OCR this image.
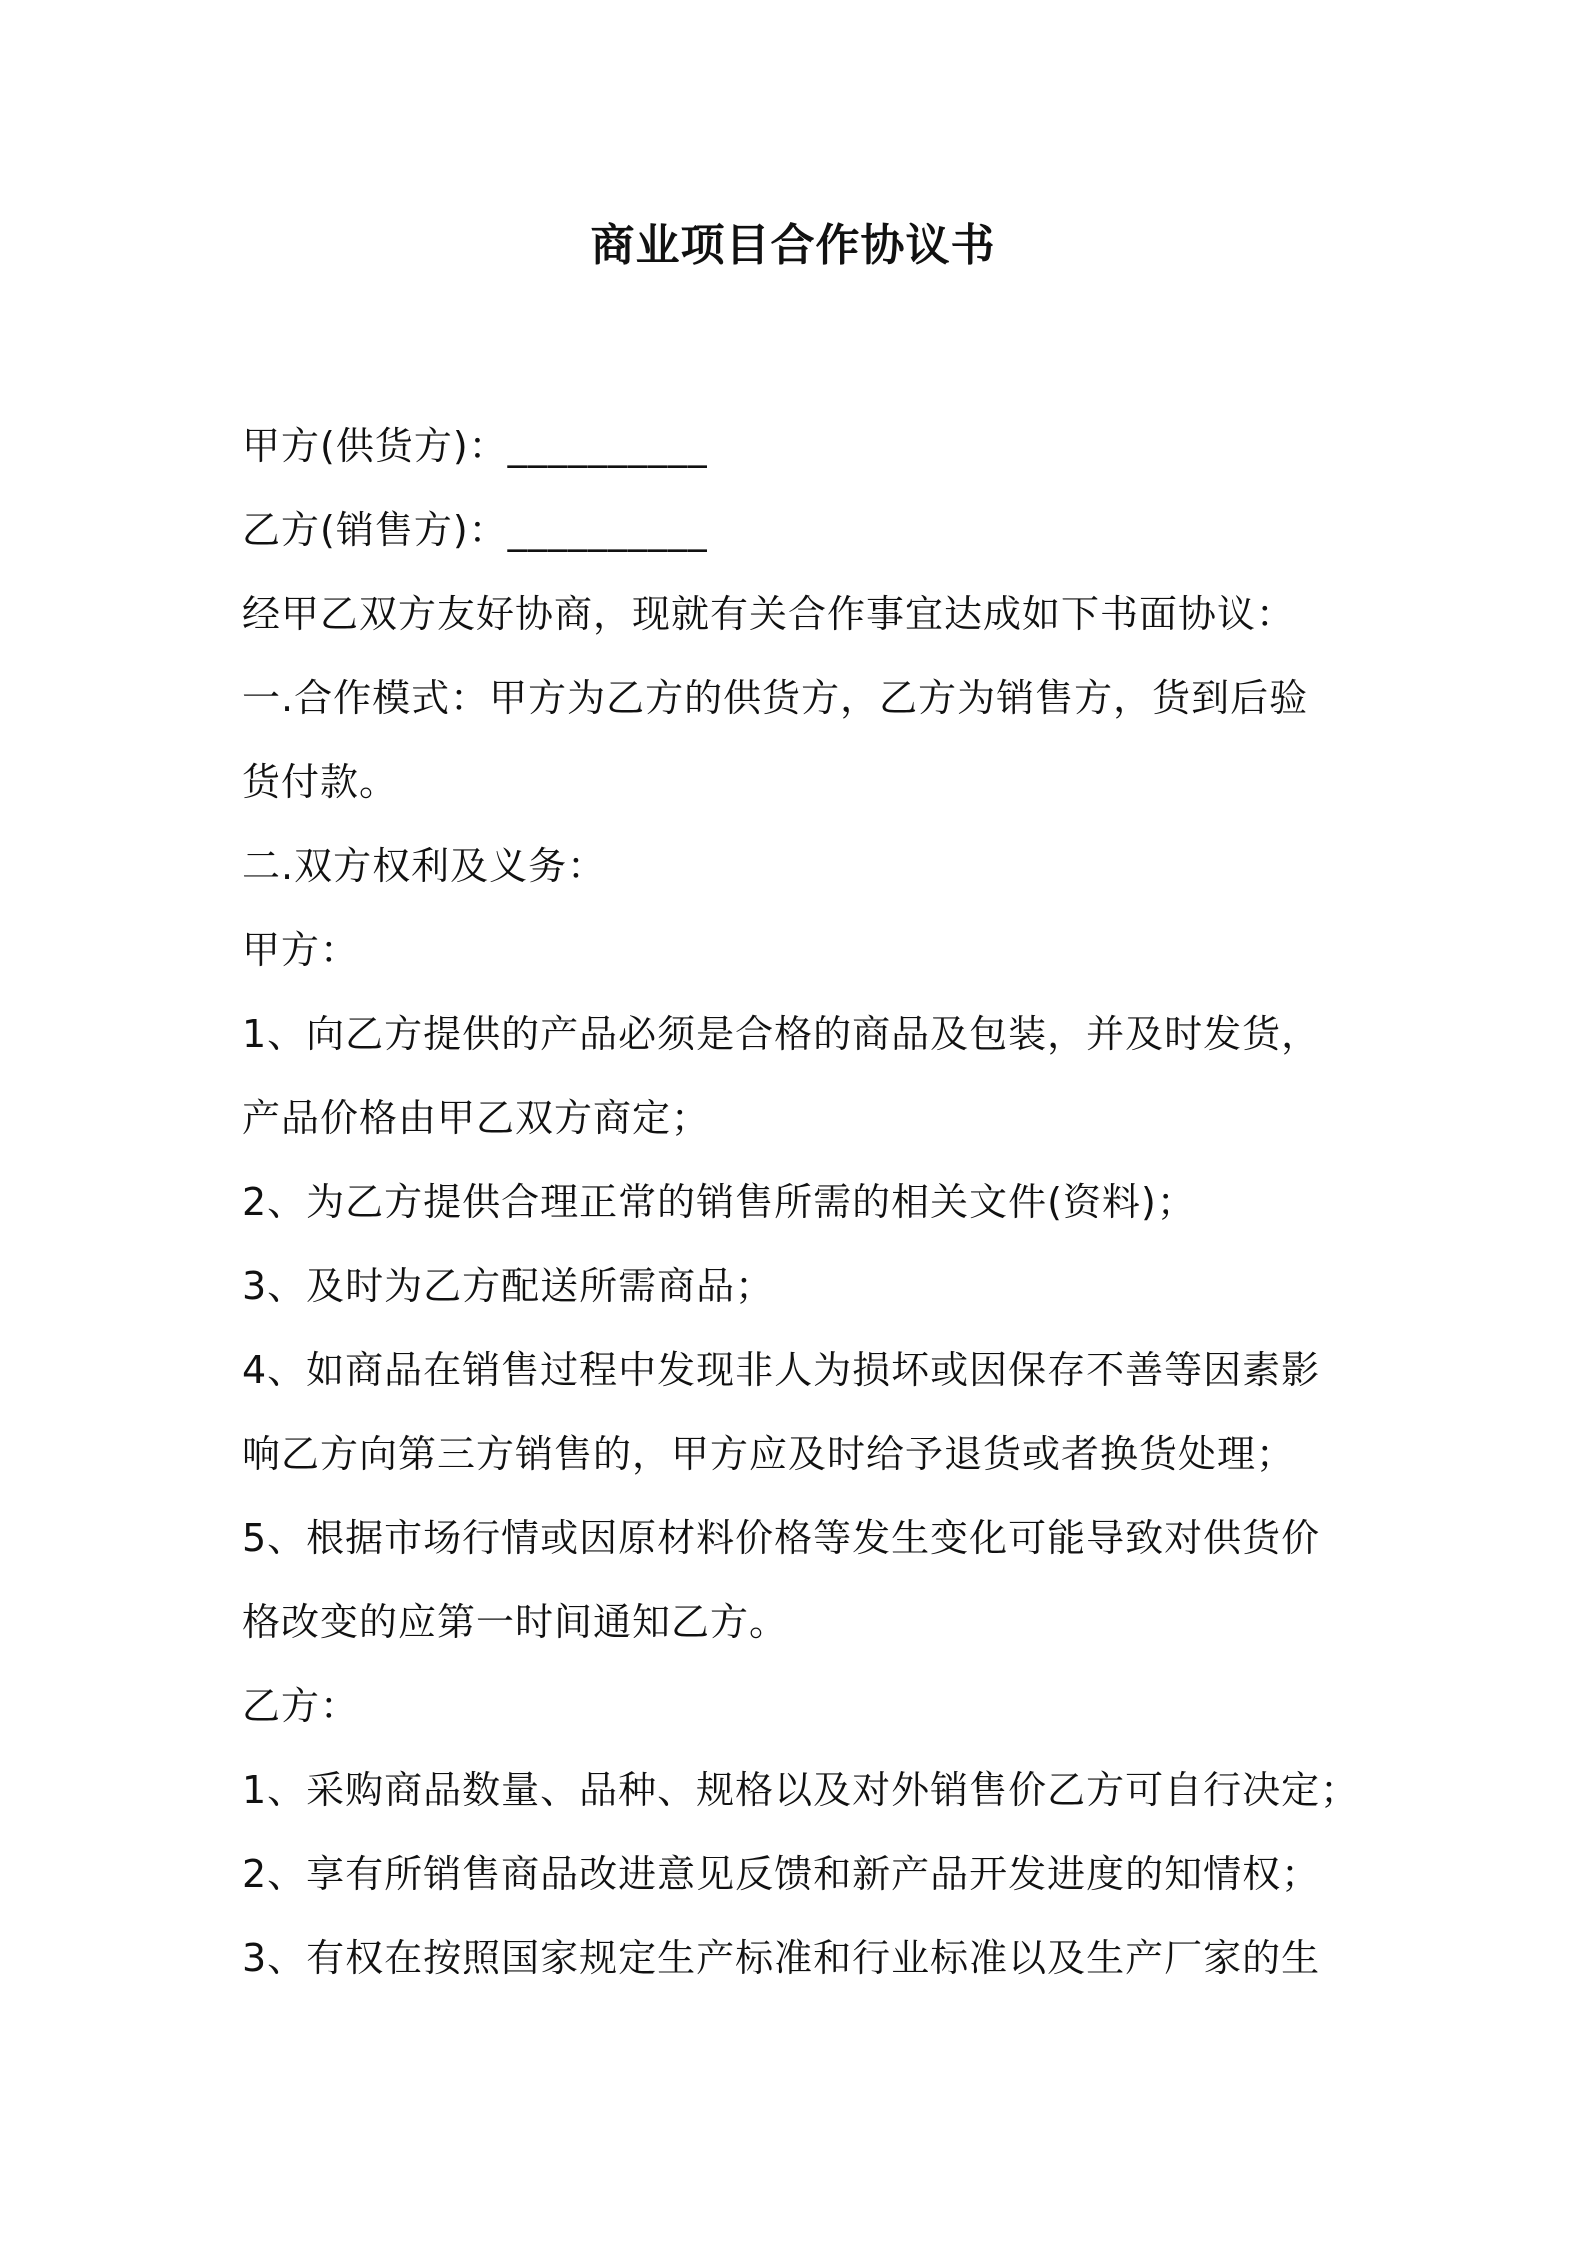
商业项目合作协议书

甲方(供货方)：__________

乙方(销售方)：__________

经甲乙双方友好协商，现就有关合作事宜达成如下书面协议：

一.合作模式：甲方为乙方的供货方，乙方为销售方，货到后验

货付款。

二.双方权利及义务：

甲方：

1、向乙方提供的产品必须是合格的商品及包装，并及时发货，

产品价格由甲乙双方商定；

2、为乙方提供合理正常的销售所需的相关文件(资料)；

3、及时为乙方配送所需商品；

4、如商品在销售过程中发现非人为损坏或因保存不善等因素影

响乙方向第三方销售的，甲方应及时给予退货或者换货处理；

5、根据市场行情或因原材料价格等发生变化可能导致对供货价

格改变的应第一时间通知乙方。

乙方：

1、采购商品数量、品种、规格以及对外销售价乙方可自行决定；

2、享有所销售商品改进意见反馈和新产品开发进度的知情权；

3、有权在按照国家规定生产标准和行业标准以及生产厂家的生
